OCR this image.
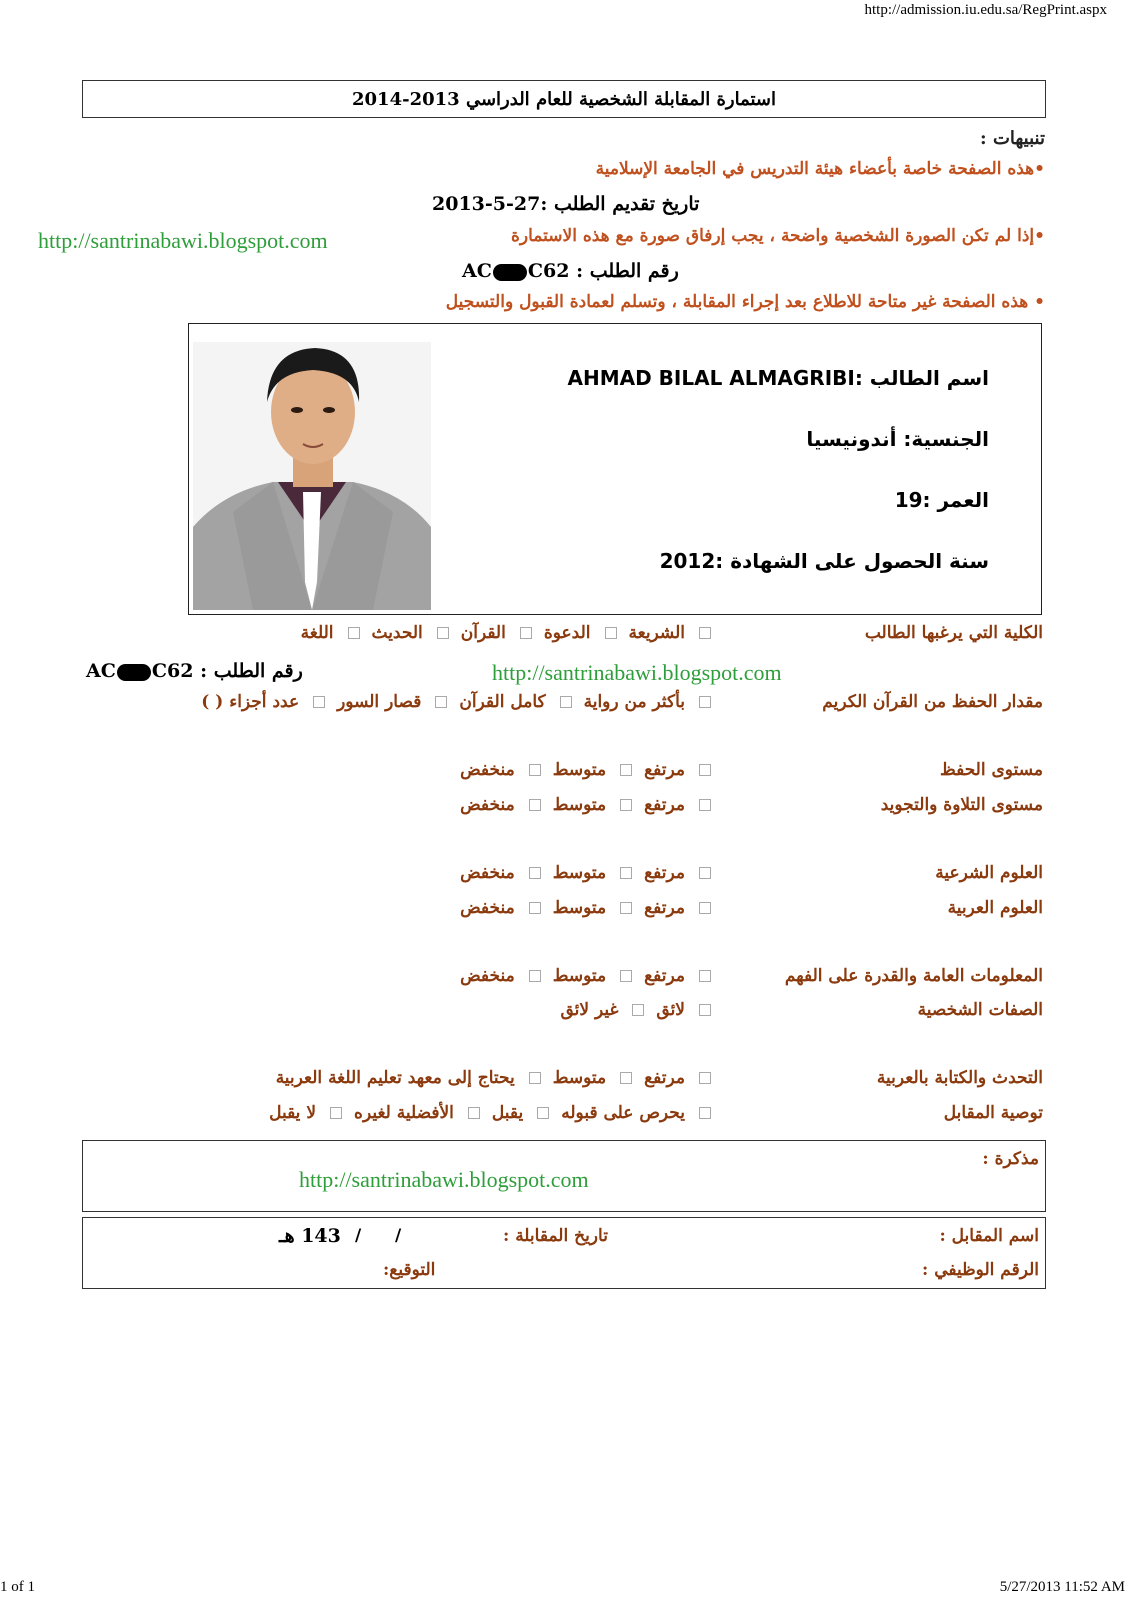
http://admission.iu.edu.sa/RegPrint.aspx
استمارة المقابلة الشخصية للعام الدراسي 2013-2014
تنبيهات :
•هذه الصفحة خاصة بأعضاء هيئة التدريس في الجامعة الإسلامية
تاريخ تقديم الطلب :27-5-2013
•إذا لم تكن الصورة الشخصية واضحة ، يجب إرفاق صورة مع هذه الاستمارة
http://santrinabawi.blogspot.com
AC C62 رقم الطلب :
• هذه الصفحة غير متاحة للاطلاع بعد إجراء المقابلة ، وتسلم لعمادة القبول والتسجيل
اسم الطالب :AHMAD BILAL ALMAGRIBI
الجنسية: أندونيسيا
العمر :19
سنة الحصول على الشهادة :2012
الكلية التي يرغبها الطالب
الشريعة
الدعوة
القرآن
الحديث
اللغة
AC C62 رقم الطلب :	http://santrinabawi.blogspot.com
مقدار الحفظ من القرآن الكريم
بأكثر من رواية
كامل القرآن
قصار السور
عدد أجزاء ( )
مستوى الحفظ
مرتفع
متوسط
منخفض
مستوى التلاوة والتجويد
مرتفع
متوسط
منخفض
العلوم الشرعية
مرتفع
متوسط
منخفض
العلوم العربية
مرتفع
متوسط
منخفض
المعلومات العامة والقدرة على الفهم
مرتفع
متوسط
منخفض
الصفات الشخصية
لائق
غير لائق
التحدث والكتابة بالعربية
مرتفع
متوسط
يحتاج إلى معهد تعليم اللغة العربية
توصية المقابل
يحرص على قبوله
يقبل
الأفضلية لغيره
لا يقبل
مذكرة :
http://santrinabawi.blogspot.com
اسم المقابل :
الرقم الوظيفي :
تاريخ المقابلة :
/
/
143 هـ
التوقيع:
1 of 1	5/27/2013 11:52 AM
